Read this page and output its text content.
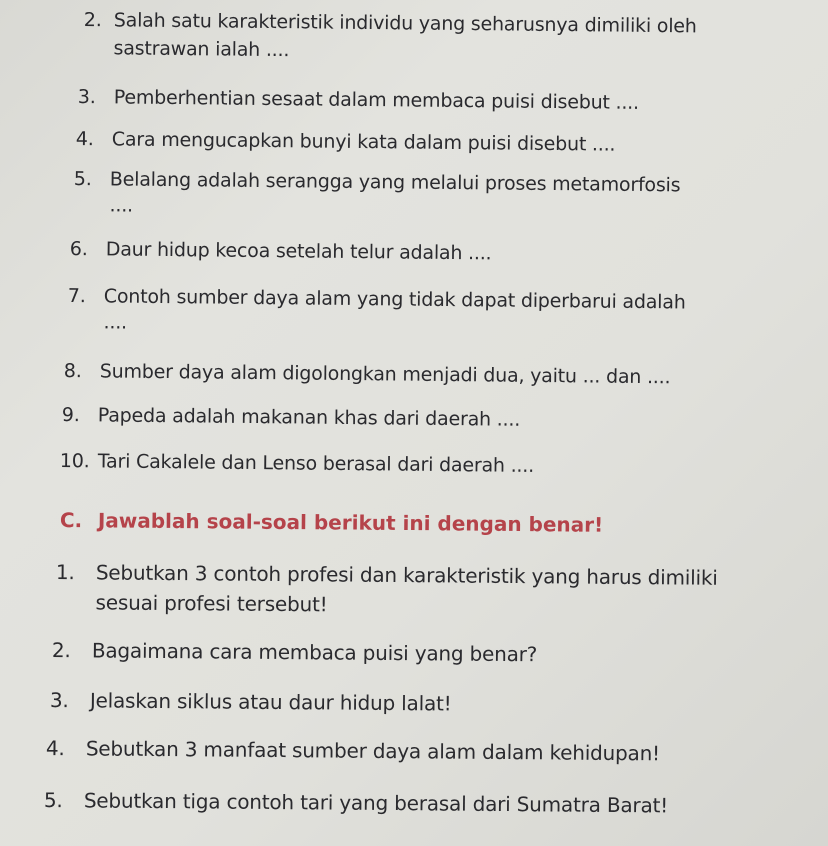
2. Salah satu karakteristik individu yang seharusnya dimiliki oleh
sastrawan ialah ....
3. Pemberhentian sesaat dalam membaca puisi disebut ....
4. Cara mengucapkan bunyi kata dalam puisi disebut ....
5. Belalang adalah serangga yang melalui proses metamorfosis
....
6. Daur hidup kecoa setelah telur adalah ....
7. Contoh sumber daya alam yang tidak dapat diperbarui adalah
....
8. Sumber daya alam digolongkan menjadi dua, yaitu ... dan ....
9. Papeda adalah makanan khas dari daerah ....
10. Tari Cakalele dan Lenso berasal dari daerah ....
C. Jawablah soal-soal berikut ini dengan benar!
1. Sebutkan 3 contoh profesi dan karakteristik yang harus dimiliki
sesuai profesi tersebut!
2. Bagaimana cara membaca puisi yang benar?
3. Jelaskan siklus atau daur hidup lalat!
4. Sebutkan 3 manfaat sumber daya alam dalam kehidupan!
5. Sebutkan tiga contoh tari yang berasal dari Sumatra Barat!
